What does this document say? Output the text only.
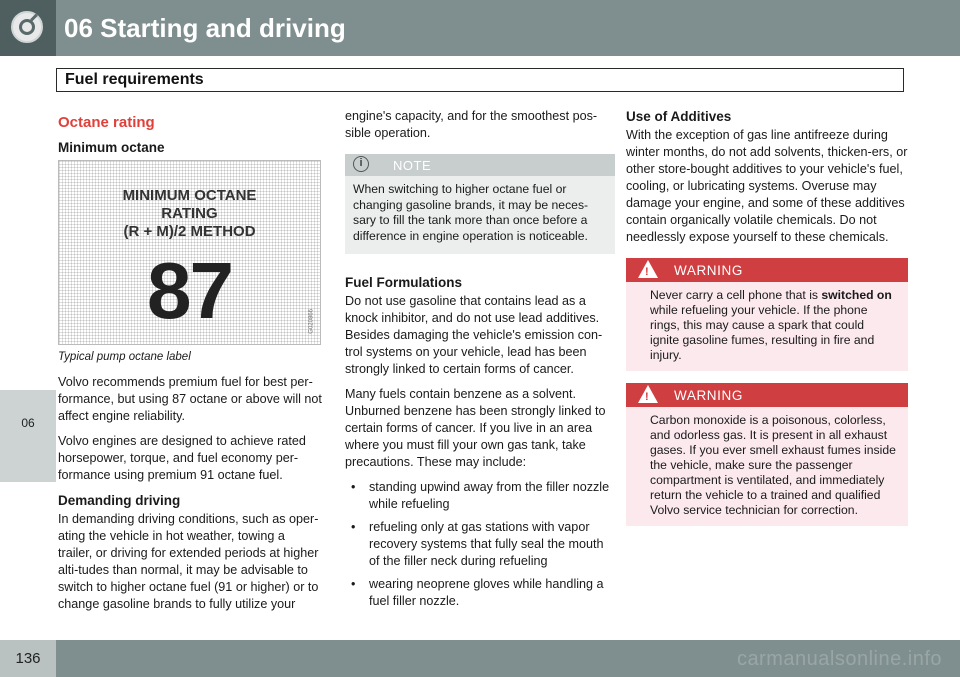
06 Starting and driving
Fuel requirements
06
Octane rating
Minimum octane
MINIMUM OCTANE
RATING
(R + M)/2 METHOD
87	G020866

Typical pump octane label

Volvo recommends premium fuel for best per-formance, but using 87 octane or above will not affect engine reliability.

Volvo engines are designed to achieve rated horsepower, torque, and fuel economy per-formance using premium 91 octane fuel.

Demanding driving

In demanding driving conditions, such as oper-ating the vehicle in hot weather, towing a trailer, or driving for extended periods at higher alti-tudes than normal, it may be advisable to switch to higher octane fuel (91 or higher) or to change gasoline brands to fully utilize your

engine's capacity, and for the smoothest pos-sible operation.

i	NOTE
When switching to higher octane fuel or changing gasoline brands, it may be neces-sary to fill the tank more than once before a difference in engine operation is noticeable.
Fuel Formulations

Do not use gasoline that contains lead as a knock inhibitor, and do not use lead additives. Besides damaging the vehicle's emission con-trol systems on your vehicle, lead has been strongly linked to certain forms of cancer.

Many fuels contain benzene as a solvent. Unburned benzene has been strongly linked to certain forms of cancer. If you live in an area where you must fill your own gas tank, take precautions. These may include:

• standing upwind away from the filler nozzle while refueling
• refueling only at gas stations with vapor recovery systems that fully seal the mouth of the filler neck during refueling
• wearing neoprene gloves while handling a fuel filler nozzle.
Use of Additives

With the exception of gas line antifreeze during winter months, do not add solvents, thicken-ers, or other store-bought additives to your vehicle's fuel, cooling, or lubricating systems. Overuse may damage your engine, and some of these additives contain organically volatile chemicals. Do not needlessly expose yourself to these chemicals.

! WARNING
Never carry a cell phone that is switched on while refueling your vehicle. If the phone rings, this may cause a spark that could ignite gasoline fumes, resulting in fire and injury.
! WARNING
Carbon monoxide is a poisonous, colorless, and odorless gas. It is present in all exhaust gases. If you ever smell exhaust fumes inside the vehicle, make sure the passenger compartment is ventilated, and immediately return the vehicle to a trained and qualified Volvo service technician for correction.
136	carmanualsonline.info
